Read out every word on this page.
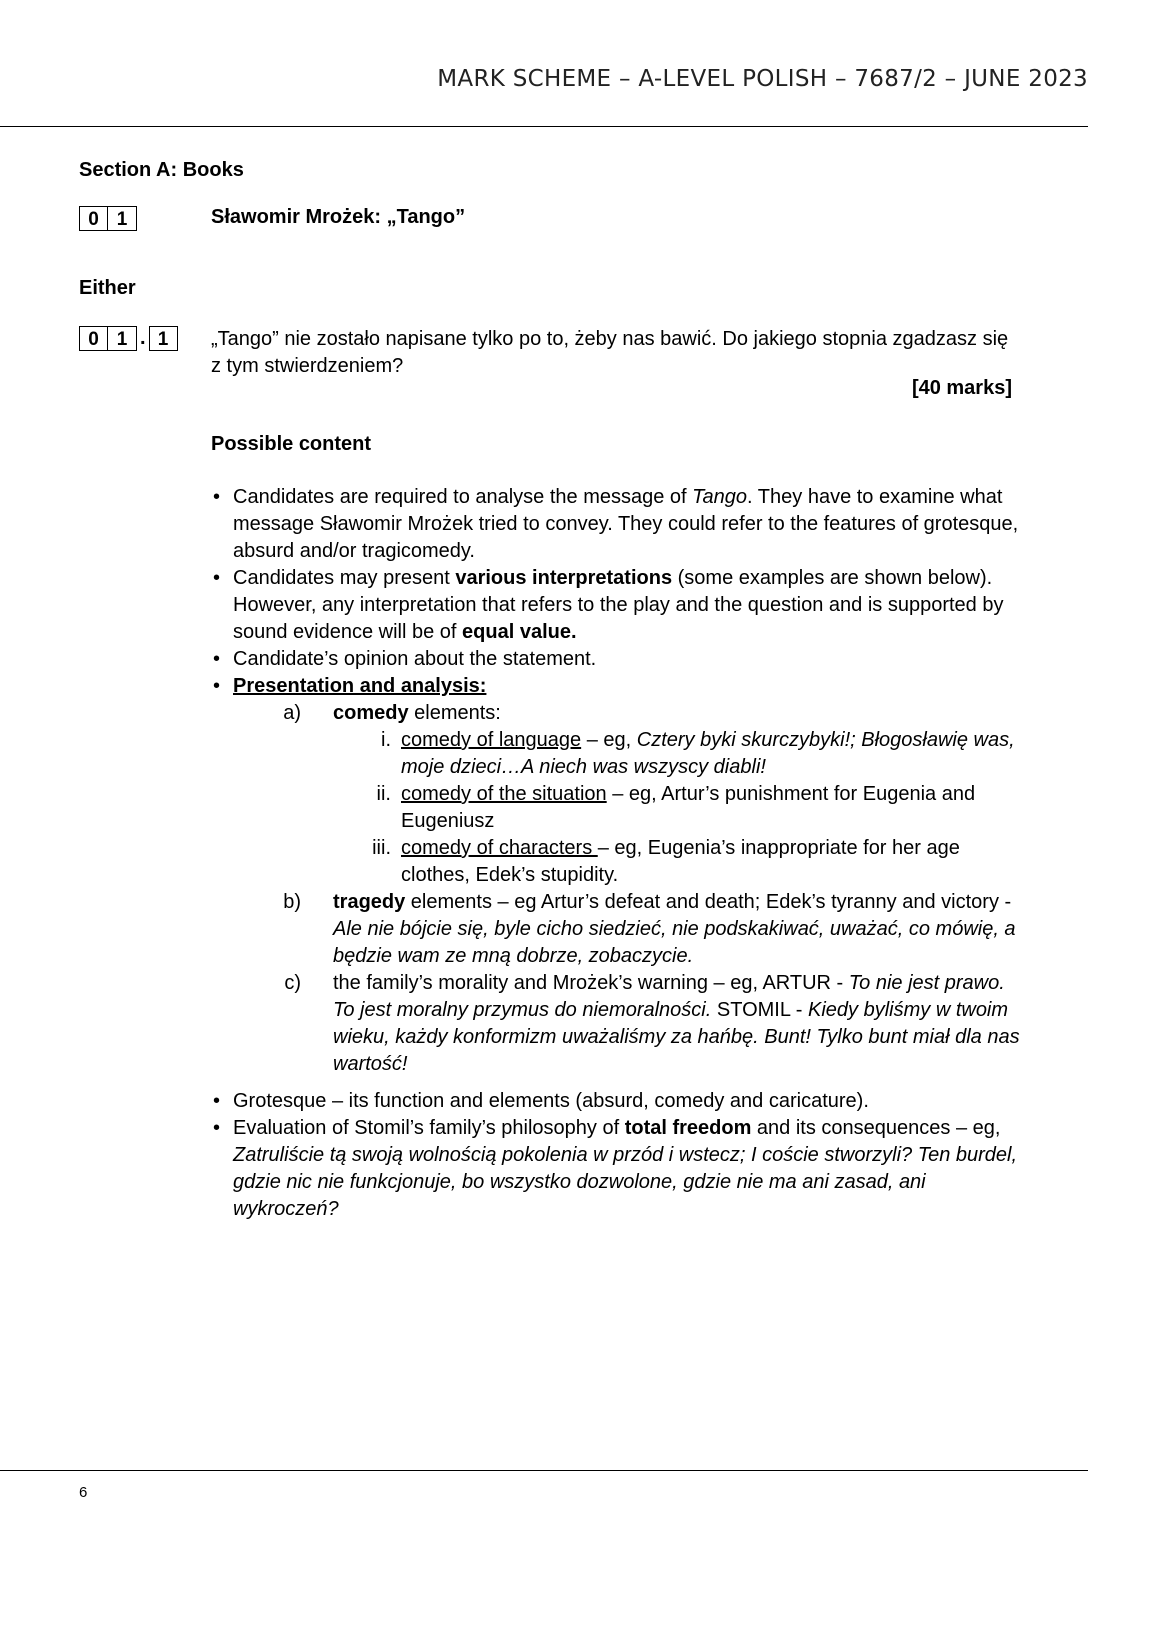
MARK SCHEME – A-LEVEL POLISH – 7687/2 – JUNE 2023
Section A: Books
0 1	Sławomir Mrożek: „Tango”
Either
0 1 . 1	„Tango” nie zostało napisane tylko po to, żeby nas bawić. Do jakiego stopnia zgadzasz się z tym stwierdzeniem?
[40 marks]
Possible content
• Candidates are required to analyse the message of Tango. They have to examine what message Sławomir Mrożek tried to convey. They could refer to the features of grotesque, absurd and/or tragicomedy.
• Candidates may present various interpretations (some examples are shown below). However, any interpretation that refers to the play and the question and is supported by sound evidence will be of equal value.
• Candidate’s opinion about the statement.
• Presentation and analysis:
a) comedy elements:
i. comedy of language – eg, Cztery byki skurczybyki!; Błogosławię was, moje dzieci…A niech was wszyscy diabli!
ii. comedy of the situation – eg, Artur’s punishment for Eugenia and Eugeniusz
iii. comedy of characters – eg, Eugenia’s inappropriate for her age clothes, Edek’s stupidity.
b) tragedy elements – eg Artur’s defeat and death; Edek’s tyranny and victory - Ale nie bójcie się, byle cicho siedzieć, nie podskakiwać, uważać, co mówię, a będzie wam ze mną dobrze, zobaczycie.
c) the family’s morality and Mrożek’s warning – eg, ARTUR - To nie jest prawo. To jest moralny przymus do niemoralności. STOMIL - Kiedy byliśmy w twoim wieku, każdy konformizm uważaliśmy za hańbę. Bunt! Tylko bunt miał dla nas wartość!
• Grotesque – its function and elements (absurd, comedy and caricature).
• Evaluation of Stomil’s family’s philosophy of total freedom and its consequences – eg, Zatruliście tą swoją wolnością pokolenia w przód i wstecz; I coście stworzyli? Ten burdel, gdzie nic nie funkcjonuje, bo wszystko dozwolone, gdzie nie ma ani zasad, ani wykroczeń?
6
